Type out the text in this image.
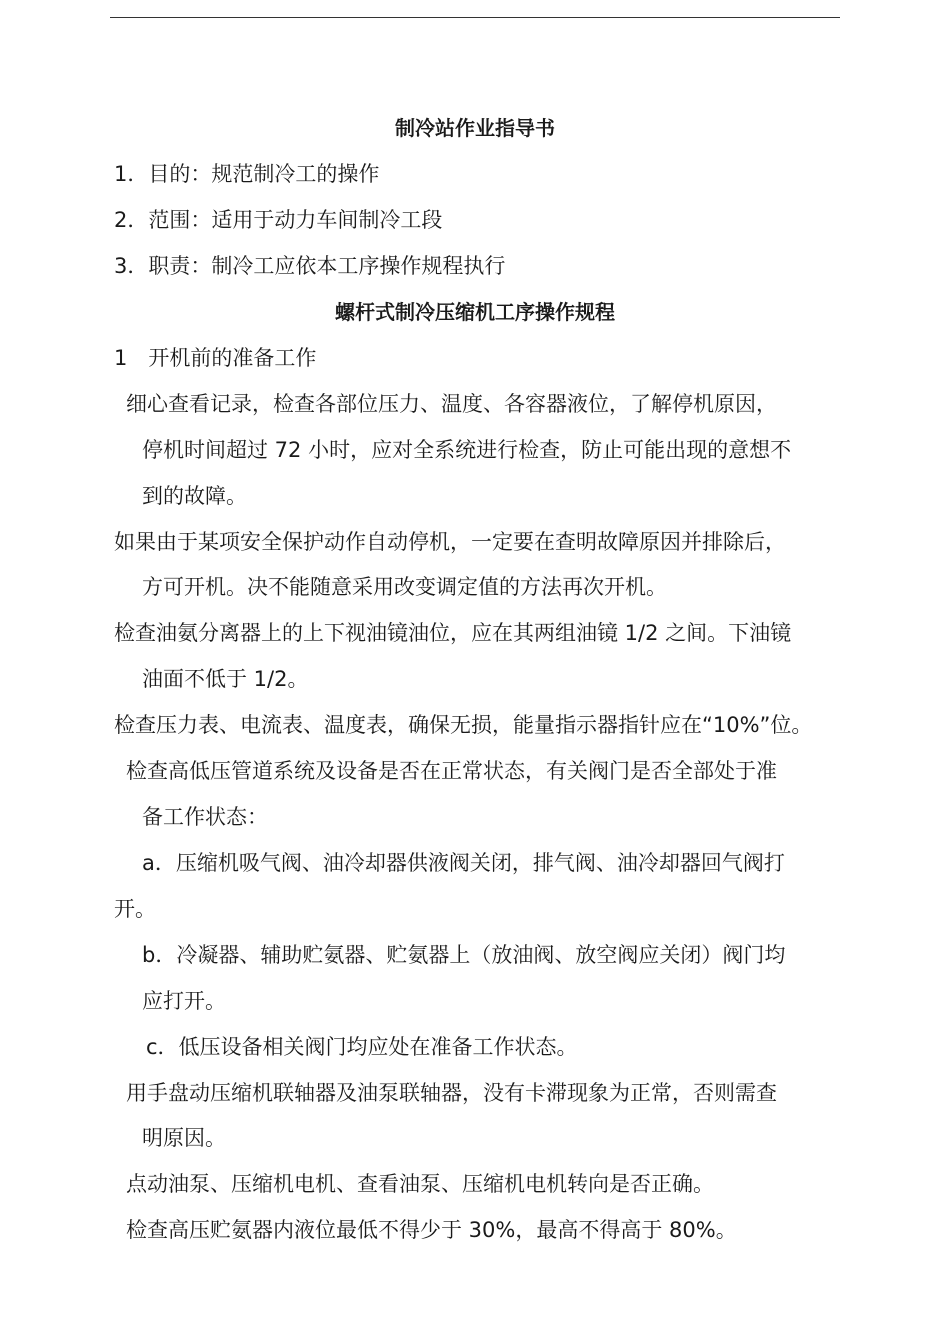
制冷站作业指导书
1．目的：规范制冷工的操作
2．范围：适用于动力车间制冷工段
3．职责：制冷工应依本工序操作规程执行
螺杆式制冷压缩机工序操作规程
1　开机前的准备工作
细心查看记录，检查各部位压力、温度、各容器液位，了解停机原因，
停机时间超过 72 小时，应对全系统进行检查，防止可能出现的意想不
到的故障。
如果由于某项安全保护动作自动停机，一定要在查明故障原因并排除后，
方可开机。决不能随意采用改变调定值的方法再次开机。
检查油氨分离器上的上下视油镜油位，应在其两组油镜 1/2 之间。下油镜
油面不低于 1/2。
检查压力表、电流表、温度表，确保无损，能量指示器指针应在“10%”位。
检查高低压管道系统及设备是否在正常状态，有关阀门是否全部处于准
备工作状态：
a．压缩机吸气阀、油冷却器供液阀关闭，排气阀、油冷却器回气阀打
开。
b．冷凝器、辅助贮氨器、贮氨器上（放油阀、放空阀应关闭）阀门均
应打开。
c．低压设备相关阀门均应处在准备工作状态。
用手盘动压缩机联轴器及油泵联轴器，没有卡滞现象为正常，否则需查
明原因。
点动油泵、压缩机电机、查看油泵、压缩机电机转向是否正确。
检查高压贮氨器内液位最低不得少于 30%，最高不得高于 80%。
